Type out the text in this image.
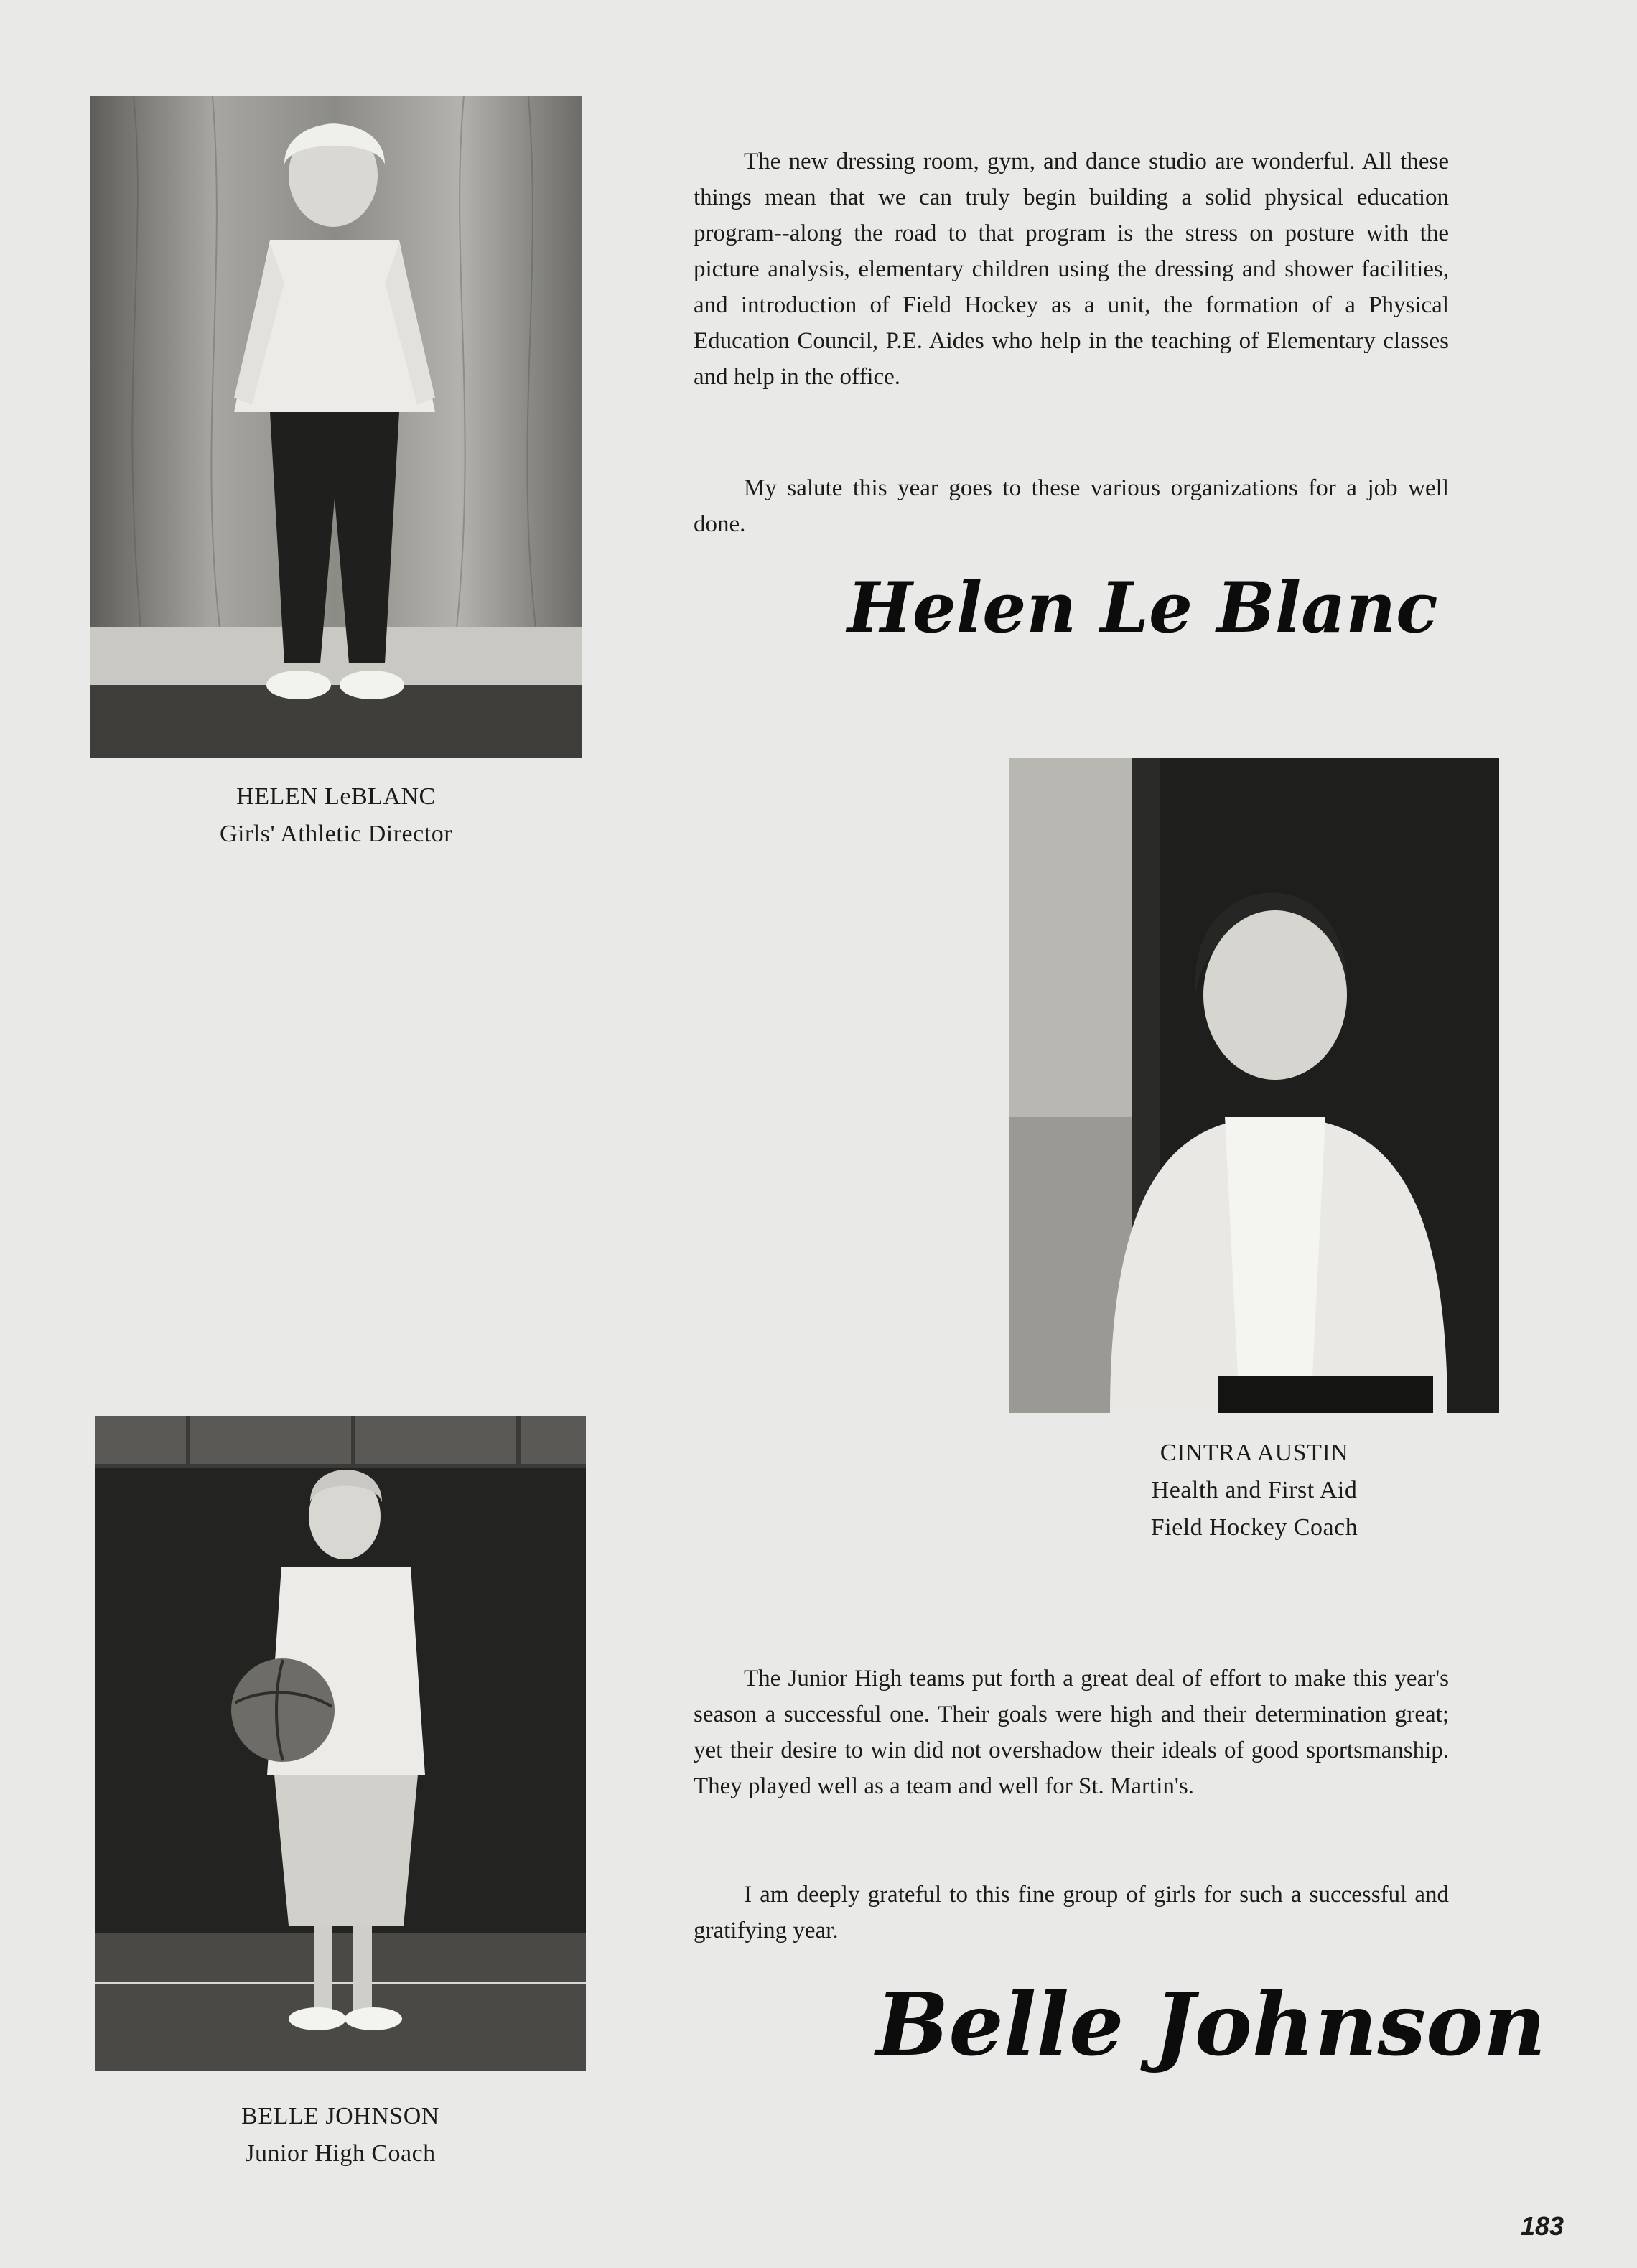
HELEN LeBLANC
Girls' Athletic Director

The new dressing room, gym, and dance studio are wonderful. All these things mean that we can truly begin building a solid physical education program--along the road to that program is the stress on posture with the picture analysis, elementary children using the dressing and shower facilities, and introduction of Field Hockey as a unit, the formation of a Physical Education Council, P.E. Aides who help in the teaching of Elementary classes and help in the office.

My salute this year goes to these various organizations for a job well done.

Helen Le Blanc
CINTRA AUSTIN
Health and First Aid
Field Hockey Coach
BELLE JOHNSON
Junior High Coach

The Junior High teams put forth a great deal of effort to make this year's season a successful one. Their goals were high and their determination great; yet their desire to win did not overshadow their ideals of good sportsmanship. They played well as a team and well for St. Martin's.

I am deeply grateful to this fine group of girls for such a successful and gratifying year.

Belle Johnson
183
